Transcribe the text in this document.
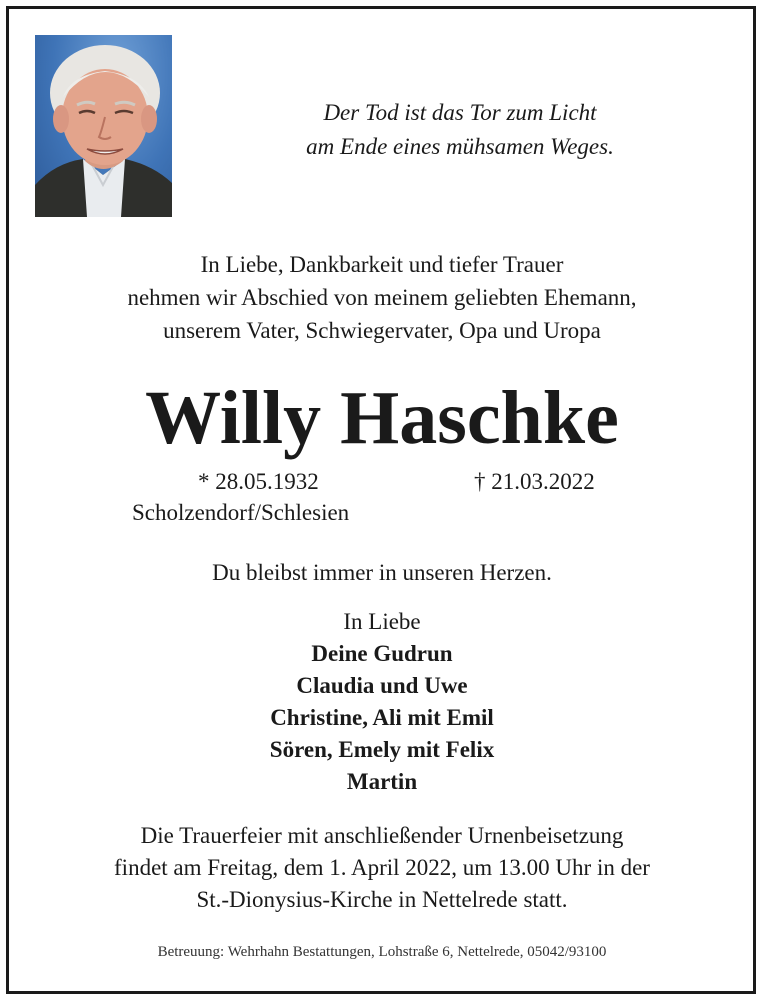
Der Tod ist das Tor zum Licht
am Ende eines mühsamen Weges.
In Liebe, Dankbarkeit und tiefer Trauer
nehmen wir Abschied von meinem geliebten Ehemann,
unserem Vater, Schwiegervater, Opa und Uropa
Willy Haschke
* 28.05.1932	† 21.03.2022
Scholzendorf/Schlesien
Du bleibst immer in unseren Herzen.
In Liebe
Deine Gudrun
Claudia und Uwe
Christine, Ali mit Emil
Sören, Emely mit Felix
Martin
Die Trauerfeier mit anschließender Urnenbeisetzung
findet am Freitag, dem 1. April 2022, um 13.00 Uhr in der
St.-Dionysius-Kirche in Nettelrede statt.
Betreuung: Wehrhahn Bestattungen, Lohstraße 6, Nettelrede, 05042/93100
